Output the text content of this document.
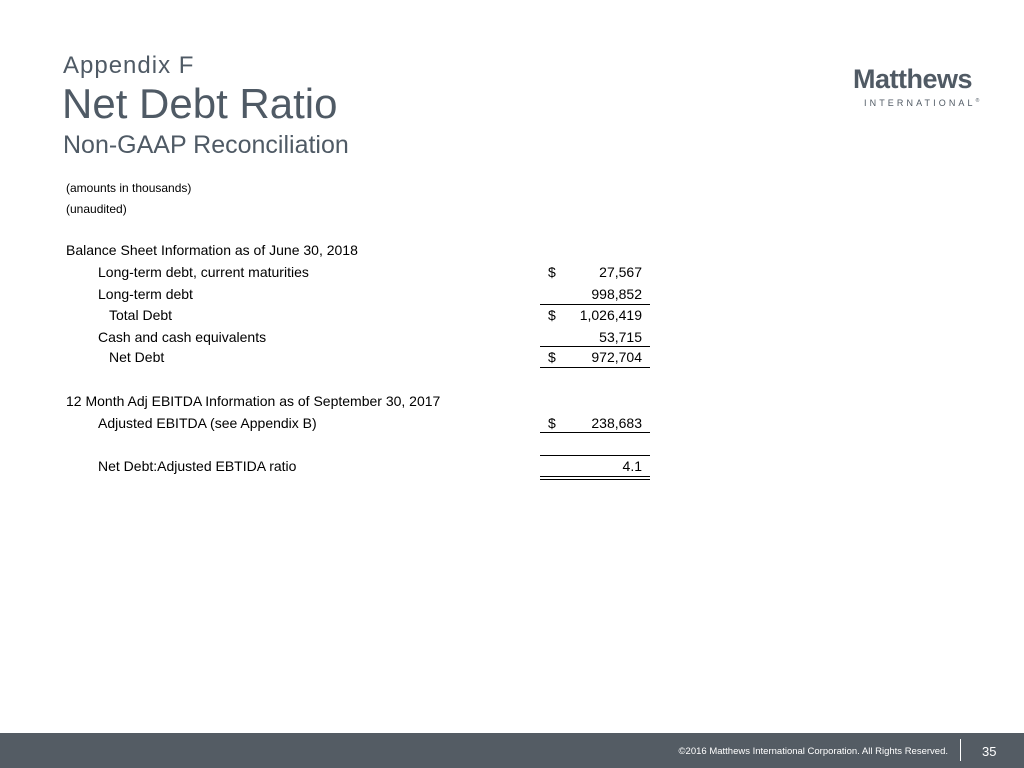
Appendix F
Net Debt Ratio
Non-GAAP Reconciliation
Matthews
INTERNATIONAL®
(amounts in thousands)
(unaudited)
Balance Sheet Information as of June 30, 2018
Long-term debt, current maturities	$	27,567
Long-term debt	998,852
Total Debt	$ 1,026,419
Cash and cash equivalents	53,715
Net Debt	$	972,704
12 Month Adj EBITDA Information as of September 30, 2017
Adjusted EBITDA (see Appendix B)	$	238,683
Net Debt:Adjusted EBTIDA ratio	4.1
©2016 Matthews International Corporation. All Rights Reserved.	35
